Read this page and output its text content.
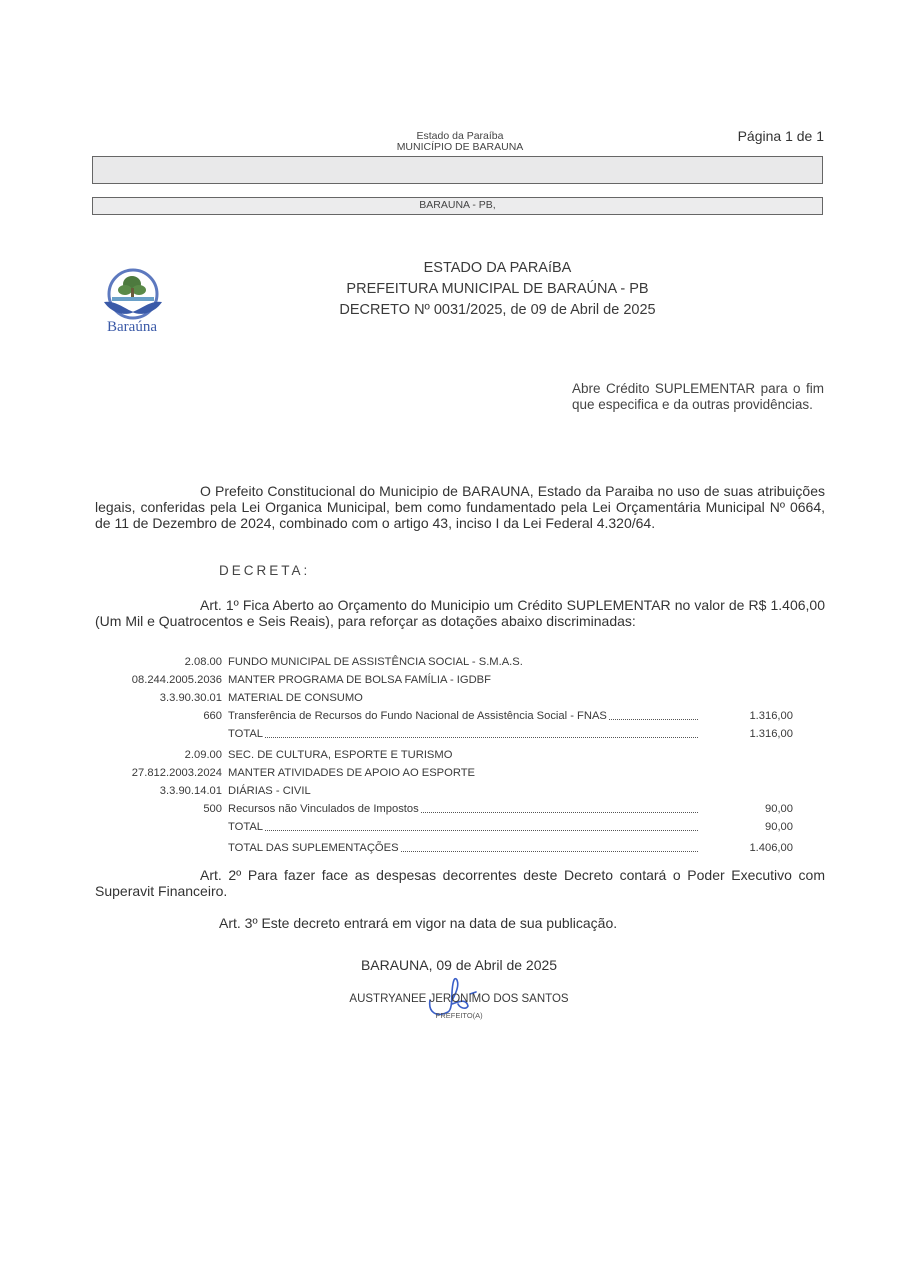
Estado da Paraíba
MUNICÍPIO DE BARAUNA
Página 1 de 1
BARAUNA - PB,
Baraúna
ESTADO DA PARAíBA
PREFEITURA MUNICIPAL DE BARAÚNA - PB
DECRETO Nº 0031/2025, de 09 de Abril de 2025
Abre Crédito SUPLEMENTAR para o fim que especifica e da outras providências.
O Prefeito Constitucional do Municipio de BARAUNA, Estado da Paraiba no uso de suas atribuições legais, conferidas pela Lei Organica Municipal, bem como fundamentado pela Lei Orçamentária Municipal Nº 0664, de 11 de Dezembro de 2024, combinado com o artigo 43, inciso I da Lei Federal 4.320/64.
DECRETA:
Art. 1º Fica Aberto ao Orçamento do Municipio um Crédito SUPLEMENTAR no valor de R$ 1.406,00 (Um Mil e Quatrocentos e Seis Reais), para reforçar as dotações abaixo discriminadas:
2.08.00 FUNDO MUNICIPAL DE ASSISTÊNCIA SOCIAL - S.M.A.S.
08.244.2005.2036 MANTER PROGRAMA DE BOLSA FAMÍLIA - IGDBF
3.3.90.30.01 MATERIAL DE CONSUMO
660 Transferência de Recursos do Fundo Nacional de Assistência Social - FNAS	1.316,00
TOTAL	1.316,00
2.09.00 SEC. DE CULTURA, ESPORTE E TURISMO
27.812.2003.2024 MANTER ATIVIDADES DE APOIO AO ESPORTE
3.3.90.14.01 DIÁRIAS - CIVIL
500 Recursos não Vinculados de Impostos	90,00
TOTAL	90,00
TOTAL DAS SUPLEMENTAÇÕES	1.406,00
Art. 2º Para fazer face as despesas decorrentes deste Decreto contará o Poder Executivo com Superavit Financeiro.
Art. 3º Este decreto entrará em vigor na data de sua publicação.
BARAUNA, 09 de Abril de 2025
AUSTRYANEE JERONIMO DOS SANTOS
PREFEITO(A)
